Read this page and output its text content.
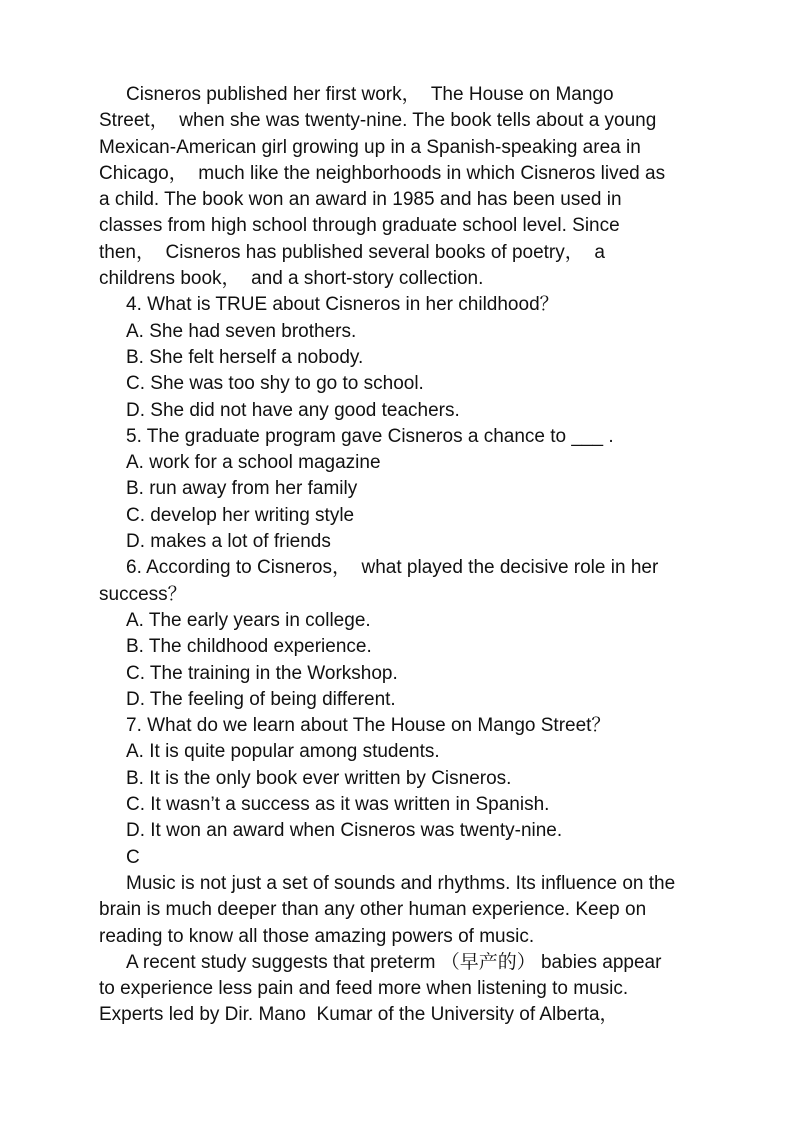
Cisneros published her first work，  The House on Mango

Street，  when she was twenty-nine. The book tells about a young

Mexican-American girl growing up in a Spanish-speaking area in

Chicago，  much like the neighborhoods in which Cisneros lived as

a child. The book won an award in 1985 and has been used in

classes from high school through graduate school level. Since

then，  Cisneros has published several books of poetry，  a

childrens book，  and a short-story collection.

4. What is TRUE about Cisneros in her childhood？

A. She had seven brothers.

B. She felt herself a nobody.

C. She was too shy to go to school.

D. She did not have any good teachers.

5. The graduate program gave Cisneros a chance to ___ .

A. work for a school magazine

B. run away from her family

C. develop her writing style

D. makes a lot of friends

6. According to Cisneros，  what played the decisive role in her

success？

A. The early years in college.

B. The childhood experience.

C. The training in the Workshop.

D. The feeling of being different.

7. What do we learn about The House on Mango Street？

A. It is quite popular among students.

B. It is the only book ever written by Cisneros.

C. It wasn’t a success as it was written in Spanish.

D. It won an award when Cisneros was twenty-nine.

C

Music is not just a set of sounds and rhythms. Its influence on the

brain is much deeper than any other human experience. Keep on

reading to know all those amazing powers of music.

A recent study suggests that preterm （早产的） babies appear

to experience less pain and feed more when listening to music.

Experts led by Dir. Mano  Kumar of the University of Alberta，
